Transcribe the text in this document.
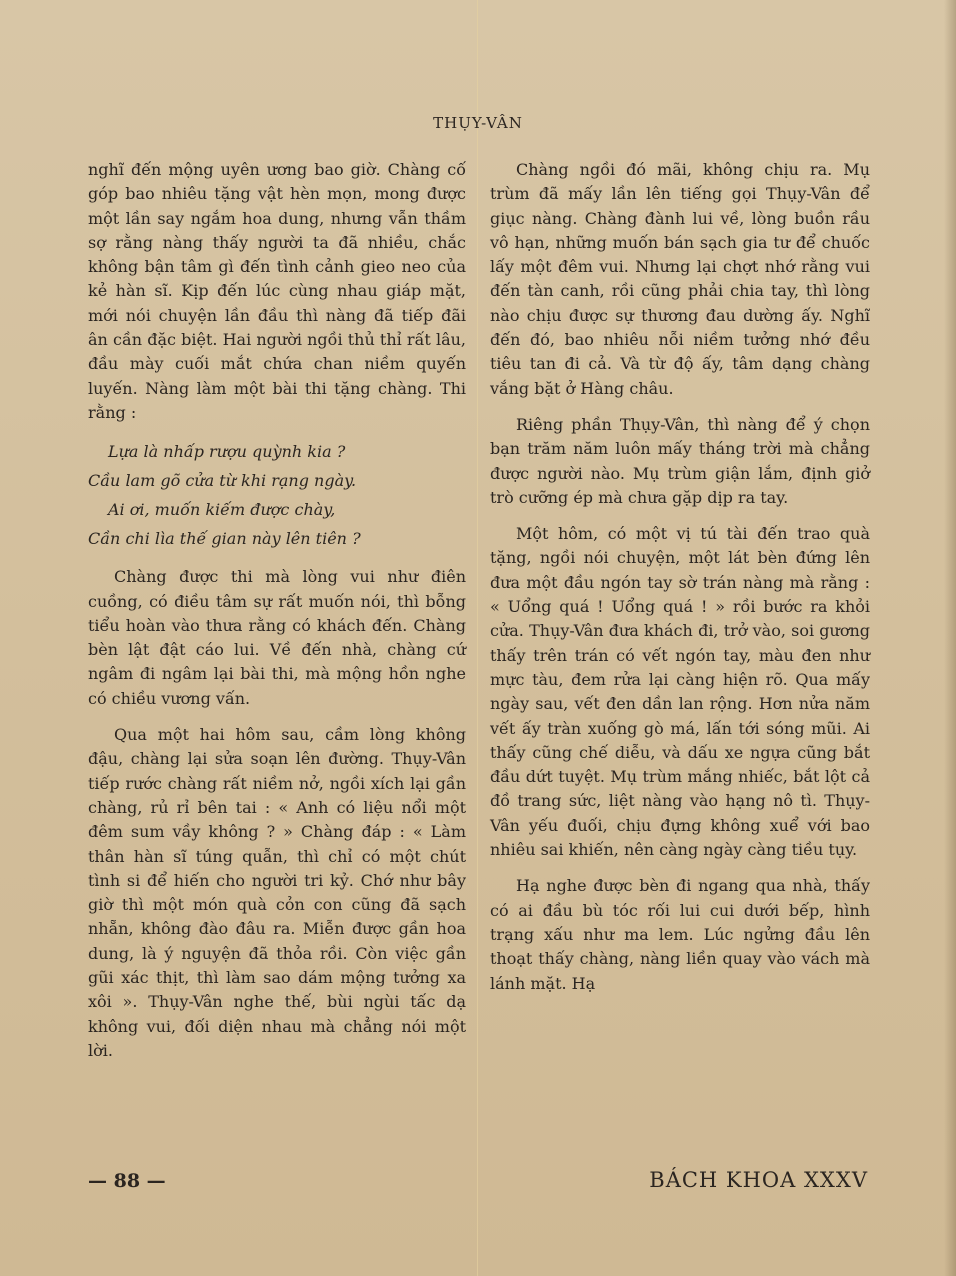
THỤY-VÂN

nghĩ đến mộng uyên ương bao giờ. Chàng cố góp bao nhiêu tặng vật hèn mọn, mong được một lần say ngắm hoa dung, nhưng vẫn thầm sợ rằng nàng thấy người ta đã nhiều, chắc không bận tâm gì đến tình cảnh gieo neo của kẻ hàn sĩ. Kịp đến lúc cùng nhau giáp mặt, mới nói chuyện lần đầu thì nàng đã tiếp đãi ân cần đặc biệt. Hai người ngồi thủ thỉ rất lâu, đầu mày cuối mắt chứa chan niềm quyến luyến. Nàng làm một bài thi tặng chàng. Thi rằng :

Lựa là nhấp rượu quỳnh kia ?
Cầu lam gõ cửa từ khi rạng ngày.
Ai ơi, muốn kiếm được chày,
Cần chi lìa thế gian này lên tiên ?

Chàng được thi mà lòng vui như điên cuồng, có điều tâm sự rất muốn nói, thì bỗng tiểu hoàn vào thưa rằng có khách đến. Chàng bèn lật đật cáo lui. Về đến nhà, chàng cứ ngâm đi ngâm lại bài thi, mà mộng hồn nghe có chiều vương vấn.

Qua một hai hôm sau, cầm lòng không đậu, chàng lại sửa soạn lên đường. Thụy-Vân tiếp rước chàng rất niềm nở, ngồi xích lại gần chàng, rủ rỉ bên tai : « Anh có liệu nổi một đêm sum vầy không ? » Chàng đáp : « Làm thân hàn sĩ túng quẫn, thì chỉ có một chút tình si để hiến cho người tri kỷ. Chớ như bây giờ thì một món quà cỏn con cũng đã sạch nhẵn, không đào đâu ra. Miễn được gần hoa dung, là ý nguyện đã thỏa rồi. Còn việc gần gũi xác thịt, thì làm sao dám mộng tưởng xa xôi ». Thụy-Vân nghe thế, bùi ngùi tấc dạ không vui, đối diện nhau mà chẳng nói một lời.

Chàng ngồi đó mãi, không chịu ra. Mụ trùm đã mấy lần lên tiếng gọi Thụy-Vân để giục nàng. Chàng đành lui về, lòng buồn rầu vô hạn, những muốn bán sạch gia tư để chuốc lấy một đêm vui. Nhưng lại chợt nhớ rằng vui đến tàn canh, rồi cũng phải chia tay, thì lòng nào chịu được sự thương đau dường ấy. Nghĩ đến đó, bao nhiêu nỗi niềm tưởng nhớ đều tiêu tan đi cả. Và từ độ ấy, tâm dạng chàng vắng bặt ở Hàng châu.

Riêng phần Thụy-Vân, thì nàng để ý chọn bạn trăm năm luôn mấy tháng trời mà chẳng được người nào. Mụ trùm giận lắm, định giở trò cưỡng ép mà chưa gặp dịp ra tay.

Một hôm, có một vị tú tài đến trao quà tặng, ngồi nói chuyện, một lát bèn đứng lên đưa một đầu ngón tay sờ trán nàng mà rằng : « Uổng quá ! Uổng quá ! » rồi bước ra khỏi cửa. Thụy-Vân đưa khách đi, trở vào, soi gương thấy trên trán có vết ngón tay, màu đen như mực tàu, đem rửa lại càng hiện rõ. Qua mấy ngày sau, vết đen dần lan rộng. Hơn nửa năm vết ấy tràn xuống gò má, lấn tới sóng mũi. Ai thấy cũng chế diễu, và dấu xe ngựa cũng bắt đầu dứt tuyệt. Mụ trùm mắng nhiếc, bắt lột cả đồ trang sức, liệt nàng vào hạng nô tì. Thụy-Vân yếu đuối, chịu đựng không xuể với bao nhiêu sai khiến, nên càng ngày càng tiều tụy.

Hạ nghe được bèn đi ngang qua nhà, thấy có ai đầu bù tóc rối lui cui dưới bếp, hình trạng xấu như ma lem. Lúc ngửng đầu lên thoạt thấy chàng, nàng liền quay vào vách mà lánh mặt. Hạ

— 88 —	BÁCH KHOA XXXV
